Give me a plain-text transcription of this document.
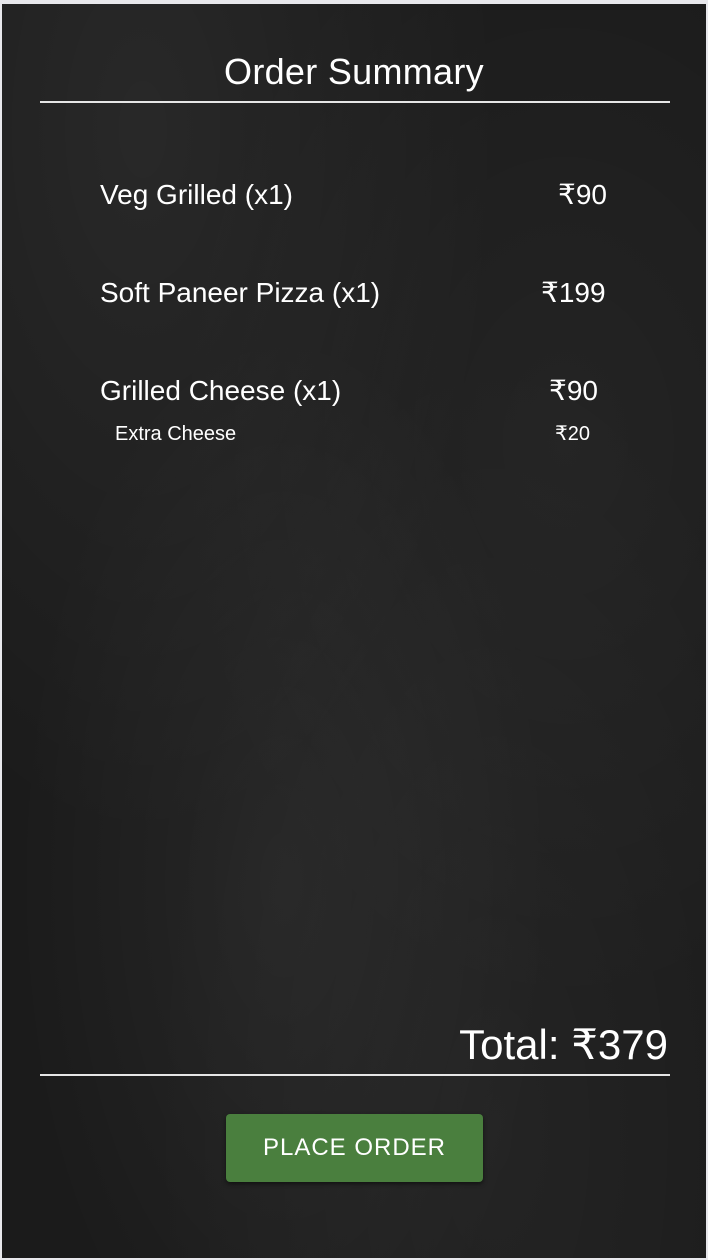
Order Summary
Veg Grilled (x1)	₹90
Soft Paneer Pizza (x1)	₹199
Grilled Cheese (x1)	₹90
Extra Cheese	₹20
Total: ₹379
PLACE ORDER
